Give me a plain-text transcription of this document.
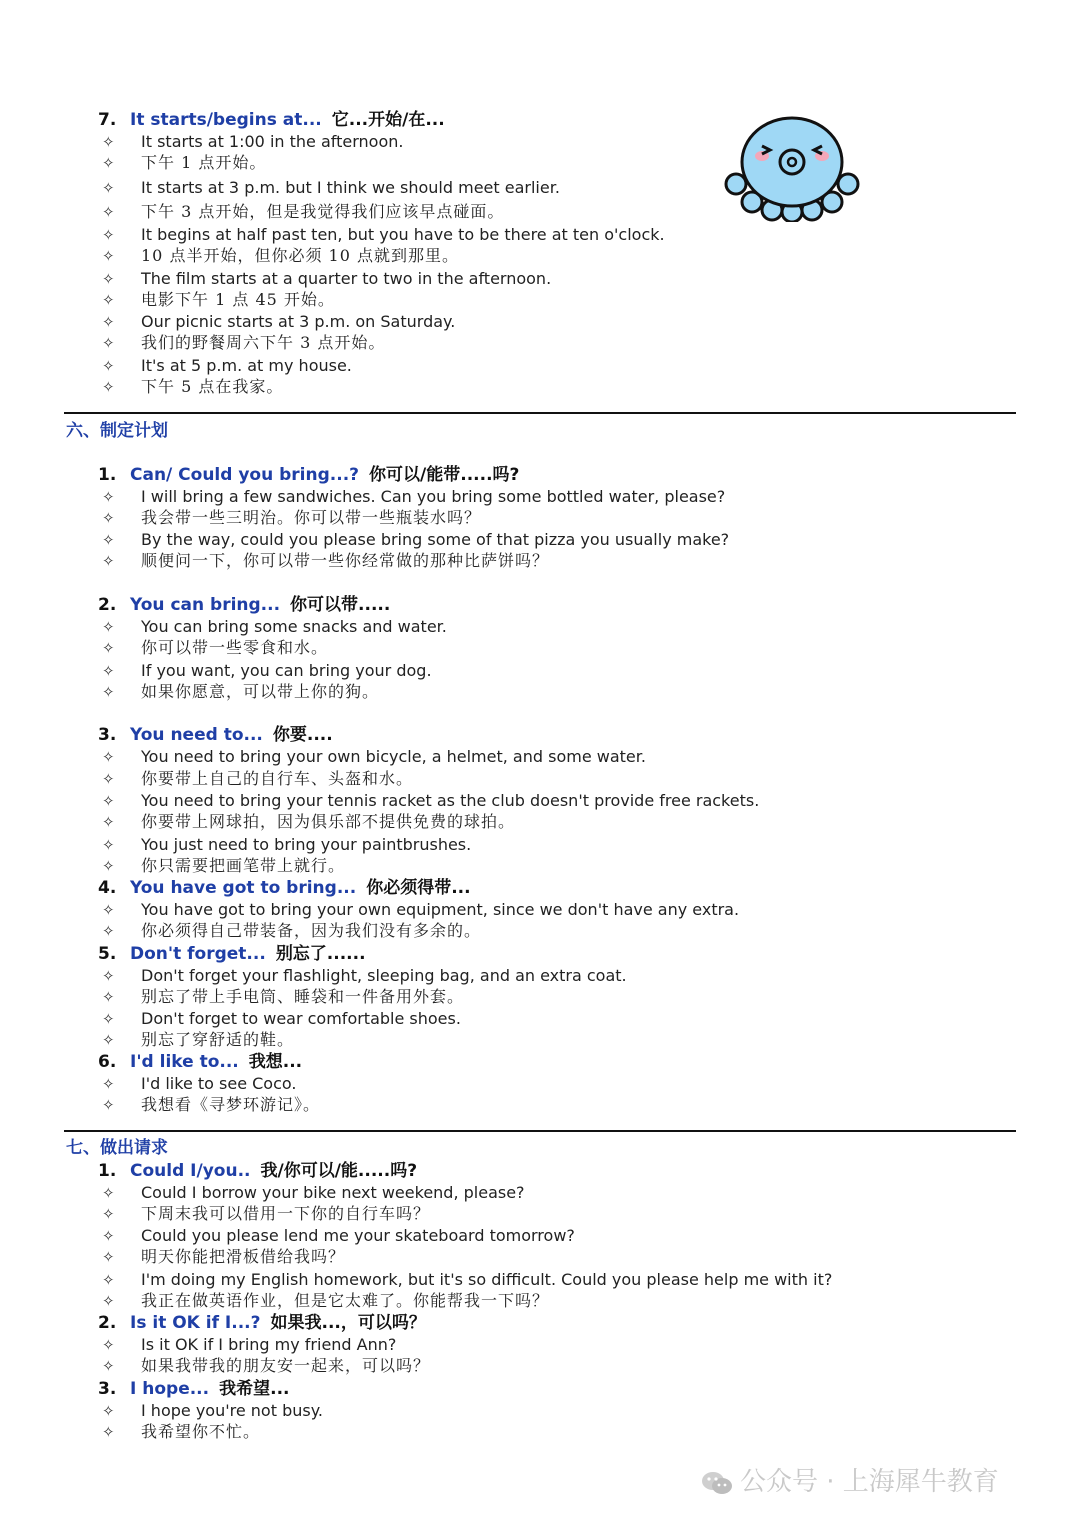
7. It starts/begins at... 它...开始/在...
✧ It starts at 1:00 in the afternoon.
✧ 下午 1 点开始。
✧ It starts at 3 p.m. but I think we should meet earlier.
✧ 下午 3 点开始，但是我觉得我们应该早点碰面。
✧ It begins at half past ten, but you have to be there at ten o'clock.
✧ 10 点半开始，但你必须 10 点就到那里。
✧ The film starts at a quarter to two in the afternoon.
✧ 电影下午 1 点 45 开始。
✧ Our picnic starts at 3 p.m. on Saturday.
✧ 我们的野餐周六下午 3 点开始。
✧ It's at 5 p.m. at my house.
✧ 下午 5 点在我家。
六、制定计划
1. Can/ Could you bring...? 你可以/能带.....吗?
✧ I will bring a few sandwiches. Can you bring some bottled water, please?
✧ 我会带一些三明治。你可以带一些瓶装水吗？
✧ By the way, could you please bring some of that pizza you usually make?
✧ 顺便问一下，你可以带一些你经常做的那种比萨饼吗？
2. You can bring... 你可以带.....
✧ You can bring some snacks and water.
✧ 你可以带一些零食和水。
✧ If you want, you can bring your dog.
✧ 如果你愿意，可以带上你的狗。
3. You need to... 你要....
✧ You need to bring your own bicycle, a helmet, and some water.
✧ 你要带上自己的自行车、头盔和水。
✧ You need to bring your tennis racket as the club doesn't provide free rackets.
✧ 你要带上网球拍，因为俱乐部不提供免费的球拍。
✧ You just need to bring your paintbrushes.
✧ 你只需要把画笔带上就行。
4. You have got to bring... 你必须得带...
✧ You have got to bring your own equipment, since we don't have any extra.
✧ 你必须得自己带装备，因为我们没有多余的。
5. Don't forget... 别忘了......
✧ Don't forget your flashlight, sleeping bag, and an extra coat.
✧ 别忘了带上手电筒、睡袋和一件备用外套。
✧ Don't forget to wear comfortable shoes.
✧ 别忘了穿舒适的鞋。
6. I'd like to... 我想...
✧ I'd like to see Coco.
✧ 我想看《寻梦环游记》。
七、做出请求
1. Could I/you.. 我/你可以/能.....吗?
✧ Could I borrow your bike next weekend, please?
✧ 下周末我可以借用一下你的自行车吗？
✧ Could you please lend me your skateboard tomorrow?
✧ 明天你能把滑板借给我吗？
✧ I'm doing my English homework, but it's so difficult. Could you please help me with it?
✧ 我正在做英语作业，但是它太难了。你能帮我一下吗？
2. Is it OK if I...? 如果我...，可以吗？
✧ Is it OK if I bring my friend Ann?
✧ 如果我带我的朋友安一起来，可以吗？
3. I hope... 我希望...
✧ I hope you're not busy.
✧ 我希望你不忙。
公众号 · 上海犀牛教育
